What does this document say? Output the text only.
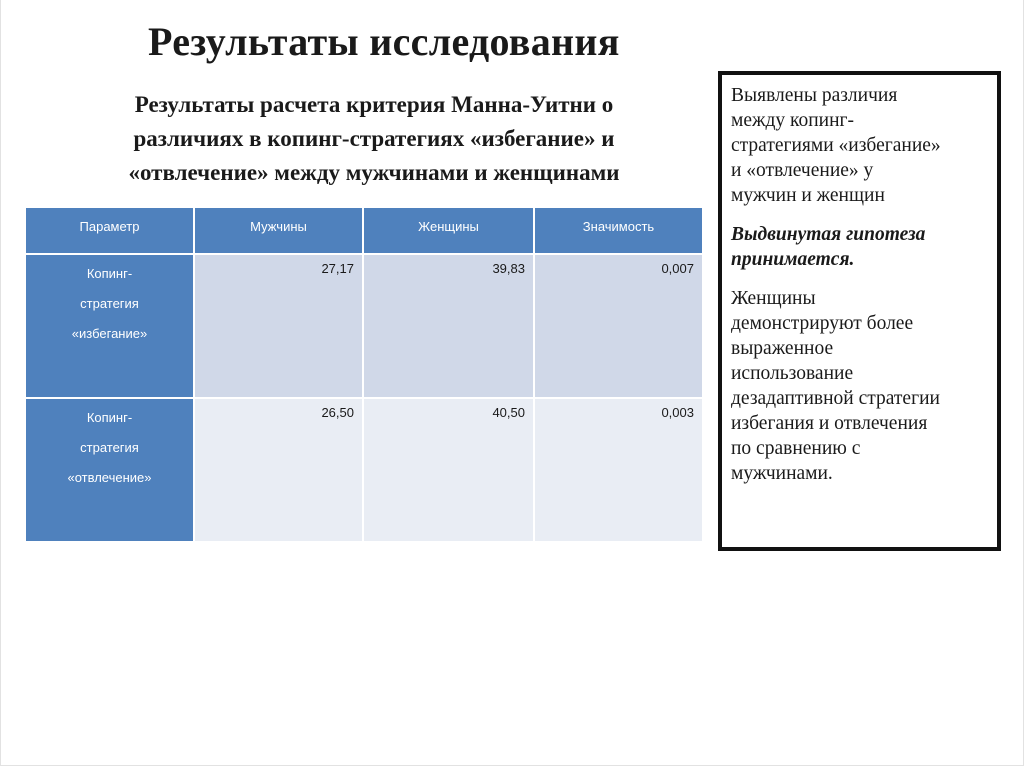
Результаты исследования
Результаты расчета критерия Манна-Уитни о
различиях в копинг-стратегиях «избегание» и
«отвлечение» между мужчинами и женщинами
Параметр	Мужчины	Женщины	Значимость

Копинг-
стратегия
«избегание»	27,17	39,83	0,007

Копинг-
стратегия
«отвлечение»	26,50	40,50	0,003

Выявлены различия
между копинг-
стратегиями «избегание»
и «отвлечение» у
мужчин и женщин

Выдвинутая гипотеза
принимается.

Женщины
демонстрируют более
выраженное
использование
дезадаптивной стратегии
избегания и отвлечения
по сравнению с
мужчинами.
